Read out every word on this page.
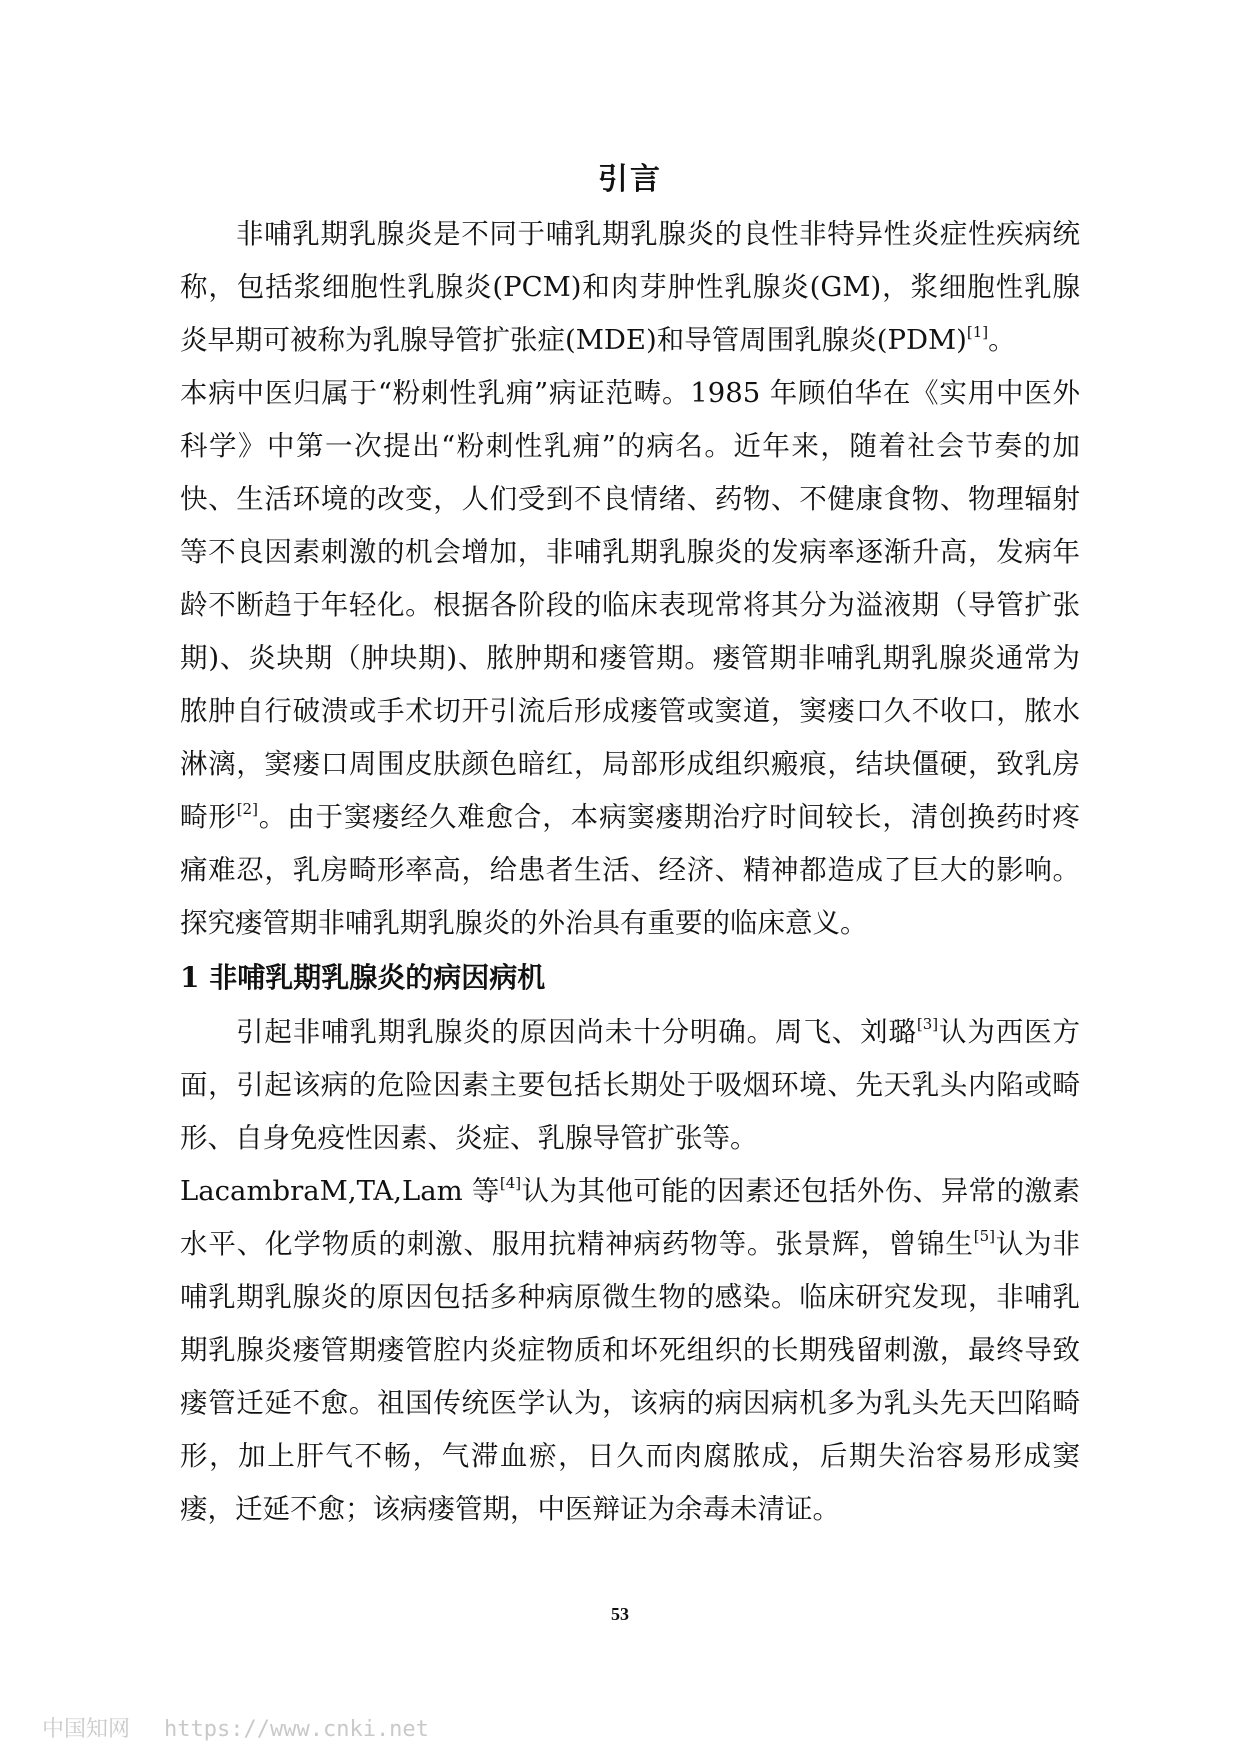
引言

非哺乳期乳腺炎是不同于哺乳期乳腺炎的良性非特异性炎症性疾病统称，包括浆细胞性乳腺炎(PCM)和肉芽肿性乳腺炎(GM)，浆细胞性乳腺炎早期可被称为乳腺导管扩张症(MDE)和导管周围乳腺炎(PDM)[1]。

本病中医归属于“粉刺性乳痈”病证范畴。1985 年顾伯华在《实用中医外科学》中第一次提出“粉刺性乳痈”的病名。近年来，随着社会节奏的加快、生活环境的改变，人们受到不良情绪、药物、不健康食物、物理辐射等不良因素刺激的机会增加，非哺乳期乳腺炎的发病率逐渐升高，发病年龄不断趋于年轻化。根据各阶段的临床表现常将其分为溢液期（导管扩张期)、炎块期（肿块期)、脓肿期和瘘管期。瘘管期非哺乳期乳腺炎通常为脓肿自行破溃或手术切开引流后形成瘘管或窦道，窦瘘口久不收口，脓水淋漓，窦瘘口周围皮肤颜色暗红，局部形成组织瘢痕，结块僵硬，致乳房畸形[2]。由于窦瘘经久难愈合，本病窦瘘期治疗时间较长，清创换药时疼痛难忍，乳房畸形率高，给患者生活、经济、精神都造成了巨大的影响。探究瘘管期非哺乳期乳腺炎的外治具有重要的临床意义。

1 非哺乳期乳腺炎的病因病机

引起非哺乳期乳腺炎的原因尚未十分明确。周飞、刘璐[3]认为西医方面，引起该病的危险因素主要包括长期处于吸烟环境、先天乳头内陷或畸形、自身免疫性因素、炎症、乳腺导管扩张等。

LacambraM,TA,Lam 等[4]认为其他可能的因素还包括外伤、异常的激素水平、化学物质的刺激、服用抗精神病药物等。张景辉，曾锦生[5]认为非哺乳期乳腺炎的原因包括多种病原微生物的感染。临床研究发现，非哺乳期乳腺炎瘘管期瘘管腔内炎症物质和坏死组织的长期残留刺激，最终导致瘘管迁延不愈。祖国传统医学认为，该病的病因病机多为乳头先天凹陷畸形，加上肝气不畅，气滞血瘀，日久而肉腐脓成，后期失治容易形成窦瘘，迁延不愈；该病瘘管期，中医辩证为余毒未清证。

53
中国知网 https://www.cnki.net
